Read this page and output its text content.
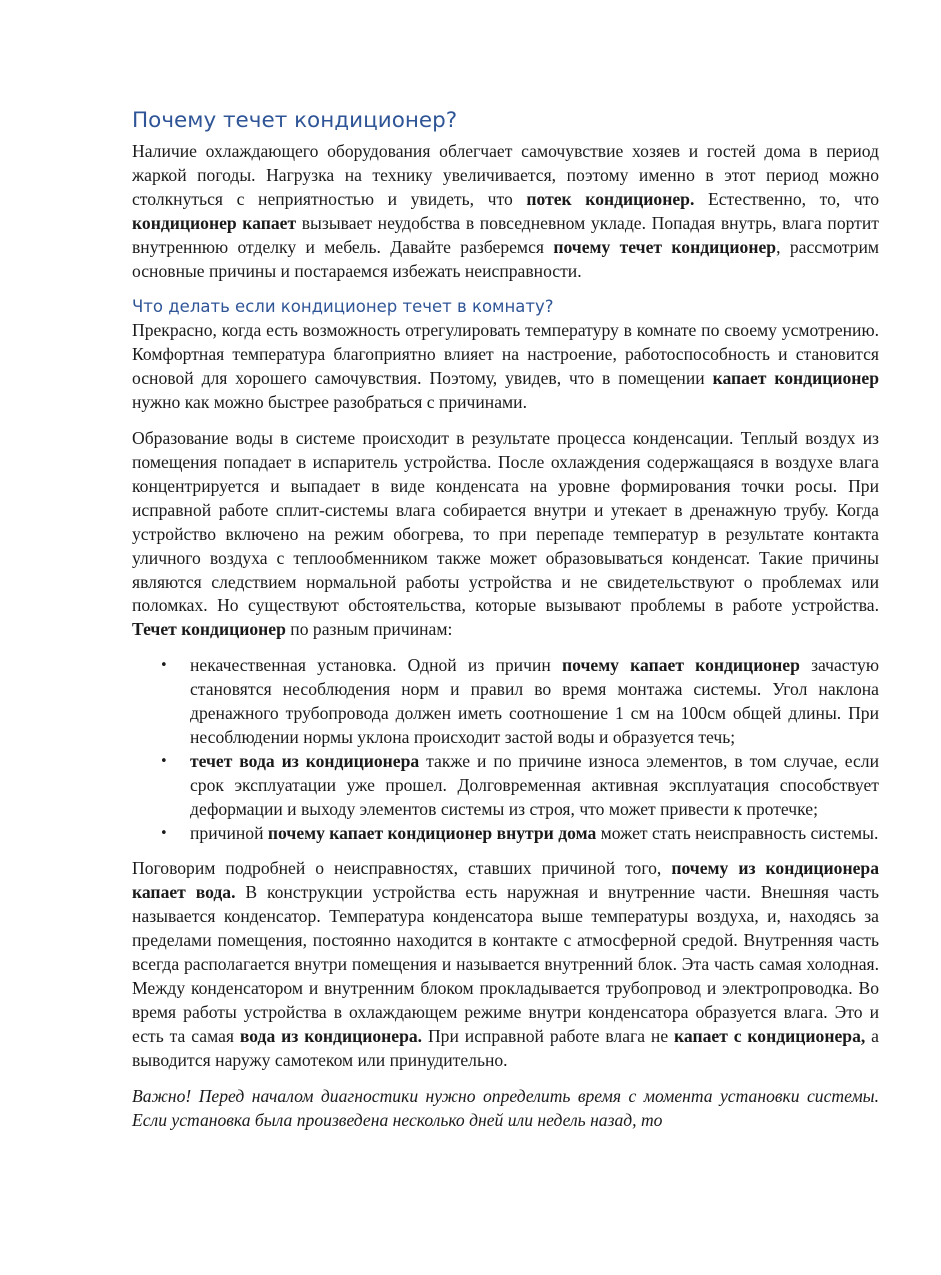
Почему течет кондиционер?

Наличие охлаждающего оборудования облегчает самочувствие хозяев и гостей дома в период жаркой погоды. Нагрузка на технику увеличивается, поэтому именно в этот период можно столкнуться с неприятностью и увидеть, что потек кондиционер. Естественно, то, что кондиционер капает вызывает неудобства в повседневном укладе. Попадая внутрь, влага портит внутреннюю отделку и мебель. Давайте разберемся почему течет кондиционер, рассмотрим основные причины и постараемся избежать неисправности.

Что делать если кондиционер течет в комнату?

Прекрасно, когда есть возможность отрегулировать температуру в комнате по своему усмотрению. Комфортная температура благоприятно влияет на настроение, работоспособность и становится основой для хорошего самочувствия. Поэтому, увидев, что в помещении капает кондиционер нужно как можно быстрее разобраться с причинами.

Образование воды в системе происходит в результате процесса конденсации. Теплый воздух из помещения попадает в испаритель устройства. После охлаждения содержащаяся в воздухе влага концентрируется и выпадает в виде конденсата на уровне формирования точки росы. При исправной работе сплит-системы влага собирается внутри и утекает в дренажную трубу. Когда устройство включено на режим обогрева, то при перепаде температур в результате контакта уличного воздуха с теплообменником также может образовываться конденсат. Такие причины являются следствием нормальной работы устройства и не свидетельствуют о проблемах или поломках. Но существуют обстоятельства, которые вызывают проблемы в работе устройства. Течет кондиционер по разным причинам:

• некачественная установка. Одной из причин почему капает кондиционер зачастую становятся несоблюдения норм и правил во время монтажа системы. Угол наклона дренажного трубопровода должен иметь соотношение 1 см на 100см общей длины. При несоблюдении нормы уклона происходит застой воды и образуется течь;
• течет вода из кондиционера также и по причине износа элементов, в том случае, если срок эксплуатации уже прошел. Долговременная активная эксплуатация способствует деформации и выходу элементов системы из строя, что может привести к протечке;
• причиной почему капает кондиционер внутри дома может стать неисправность системы.

Поговорим подробней о неисправностях, ставших причиной того, почему из кондиционера капает вода. В конструкции устройства есть наружная и внутренние части. Внешняя часть называется конденсатор. Температура конденсатора выше температуры воздуха, и, находясь за пределами помещения, постоянно находится в контакте с атмосферной средой. Внутренняя часть всегда располагается внутри помещения и называется внутренний блок. Эта часть самая холодная. Между конденсатором и внутренним блоком прокладывается трубопровод и электропроводка. Во время работы устройства в охлаждающем режиме внутри конденсатора образуется влага. Это и есть та самая вода из кондиционера. При исправной работе влага не капает с кондиционера, а выводится наружу самотеком или принудительно.

Важно! Перед началом диагностики нужно определить время с момента установки системы. Если установка была произведена несколько дней или недель назад, то
